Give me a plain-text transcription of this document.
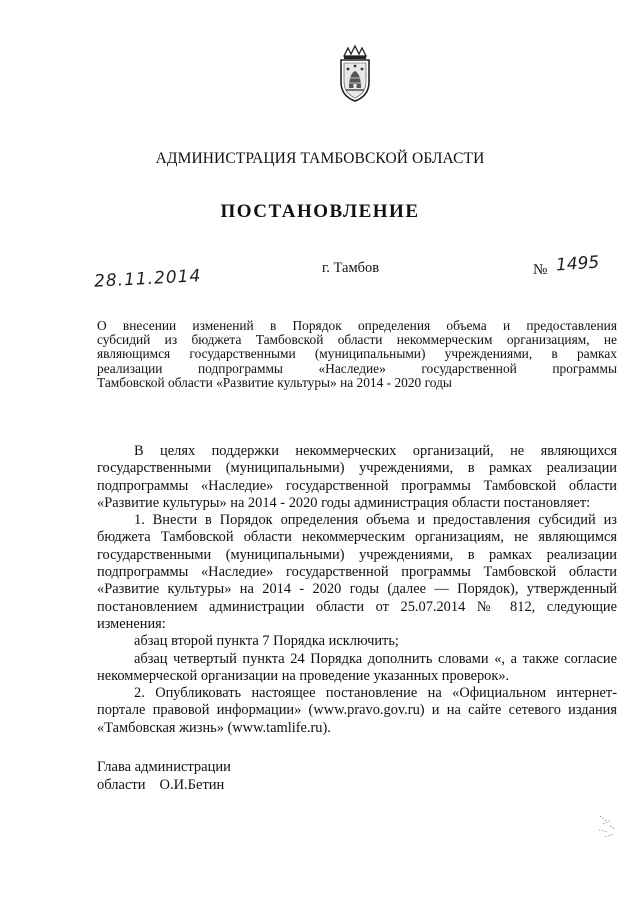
АДМИНИСТРАЦИЯ ТАМБОВСКОЙ ОБЛАСТИ
ПОСТАНОВЛЕНИЕ
28.11.2014	г. Тамбов	№ 1495
О внесении изменений в Порядок определения объема и предоставления
субсидий из бюджета Тамбовской области некоммерческим организациям, не
являющимся государственными (муниципальными) учреждениями, в рамках
реализации подпрограммы «Наследие» государственной программы
Тамбовской области «Развитие культуры» на 2014 - 2020 годы

В целях поддержки некоммерческих организаций, не являющихся государственными (муниципальными) учреждениями, в рамках реализации подпрограммы «Наследие» государственной программы Тамбовской области «Развитие культуры» на 2014 - 2020 годы администрация области постановляет:

1. Внести в Порядок определения объема и предоставления субсидий из бюджета Тамбовской области некоммерческим организациям, не являющимся государственными (муниципальными) учреждениями, в рамках реализации подпрограммы «Наследие» государственной программы Тамбовской области «Развитие культуры» на 2014 - 2020 годы (далее — Порядок), утвержденный постановлением администрации области от 25.07.2014 № 812, следующие изменения:

абзац второй пункта 7 Порядка исключить;

абзац четвертый пункта 24 Порядка дополнить словами «, а также согласие некоммерческой организации на проведение указанных проверок».

2. Опубликовать настоящее постановление на «Официальном интернет-портале правовой информации» (www.pravo.gov.ru) и на сайте сетевого издания «Тамбовская жизнь» (www.tamlife.ru).

Глава администрации
области О.И.Бетин
